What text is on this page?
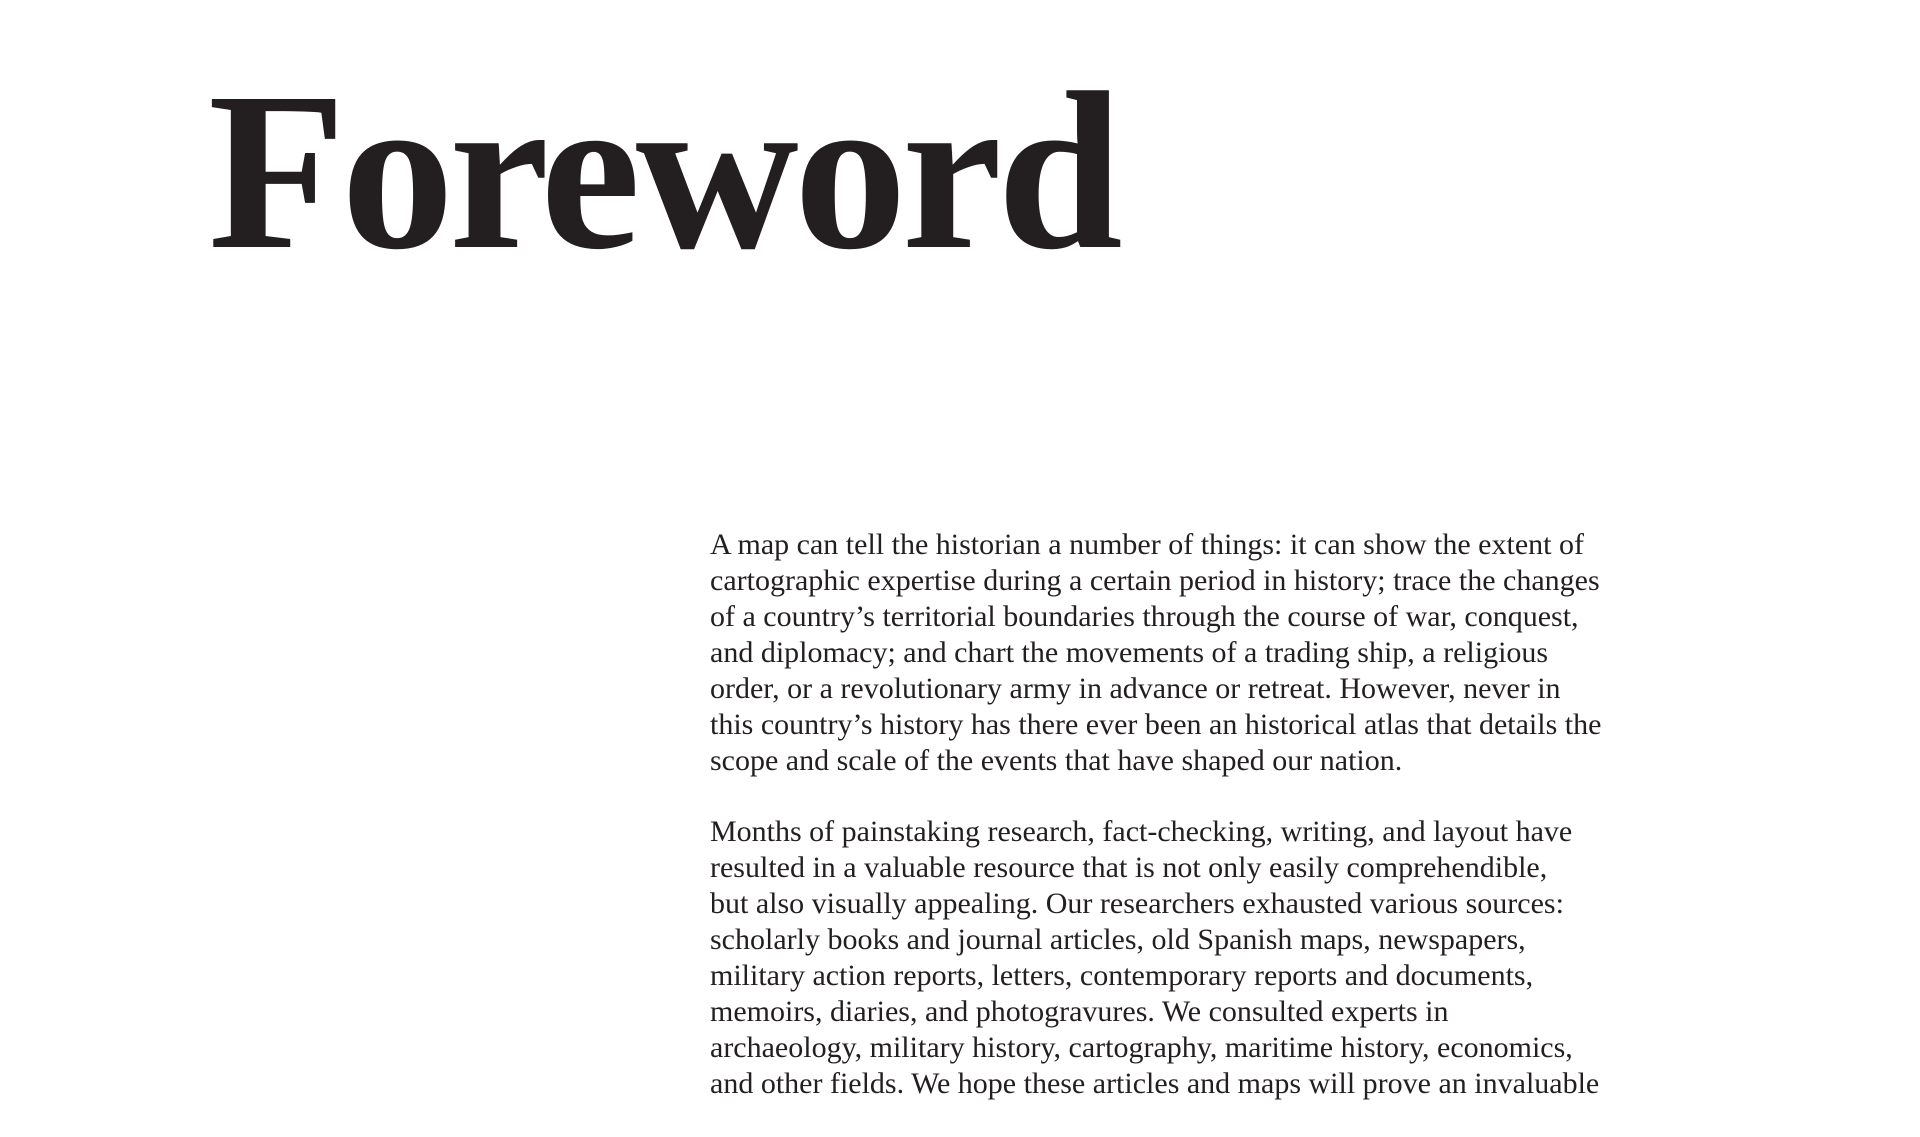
Foreword

A map can tell the historian a number of things: it can show the extent of
cartographic expertise during a certain period in history; trace the changes
of a country’s territorial boundaries through the course of war, conquest,
and diplomacy; and chart the movements of a trading ship, a religious
order, or a revolutionary army in advance or retreat. However, never in
this country’s history has there ever been an historical atlas that details the
scope and scale of the events that have shaped our nation.

Months of painstaking research, fact-checking, writing, and layout have
resulted in a valuable resource that is not only easily comprehendible,
but also visually appealing. Our researchers exhausted various sources:
scholarly books and journal articles, old Spanish maps, newspapers,
military action reports, letters, contemporary reports and documents,
memoirs, diaries, and photogravures. We consulted experts in
archaeology, military history, cartography, maritime history, economics,
and other fields. We hope these articles and maps will prove an invaluable
